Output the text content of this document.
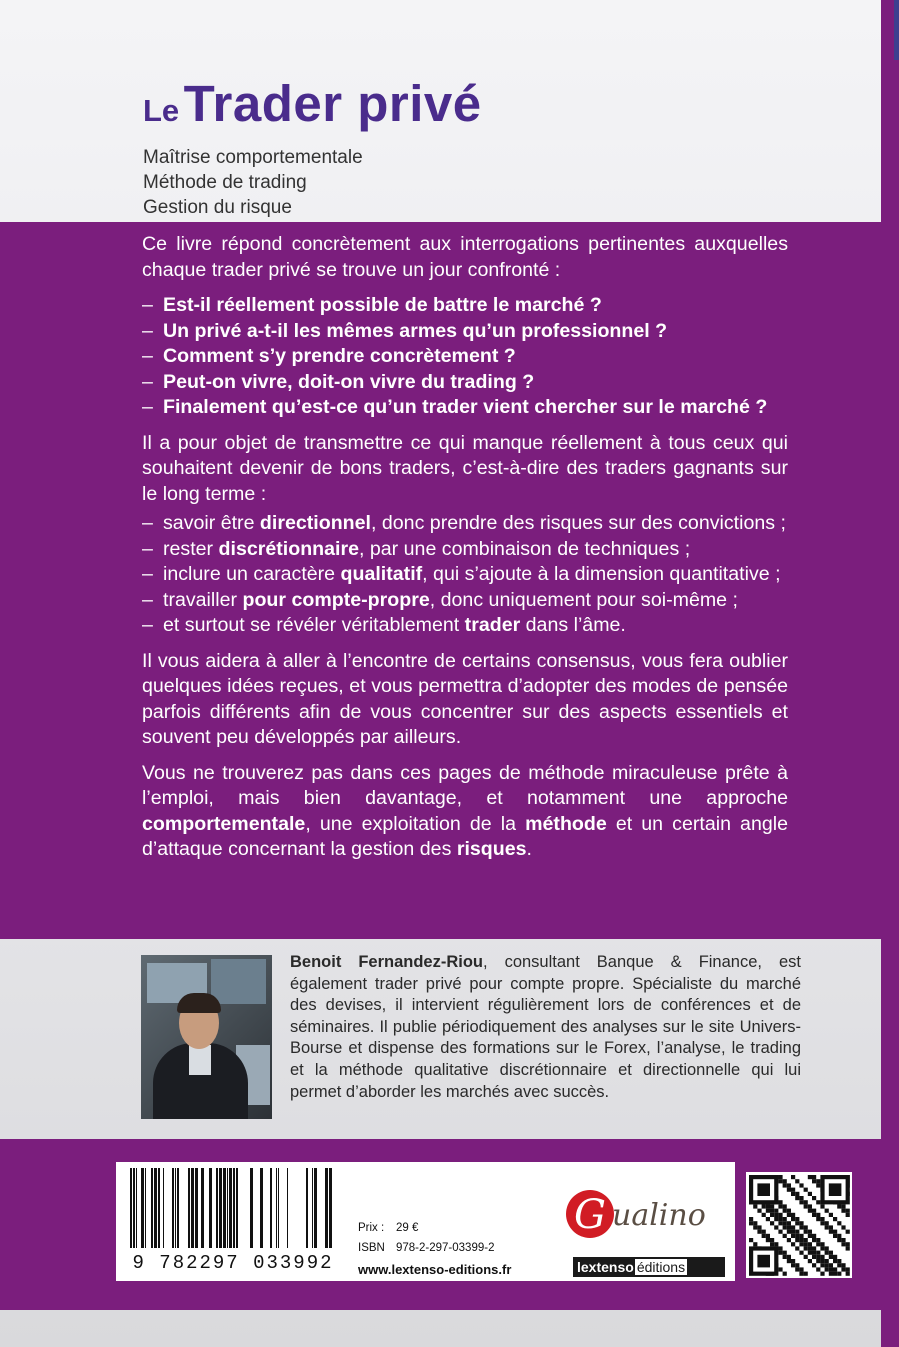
Le Trader privé
Maîtrise comportementale
Méthode de trading
Gestion du risque

Ce livre répond concrètement aux interrogations pertinentes auxquelles chaque trader privé se trouve un jour confronté :

– Est-il réellement possible de battre le marché ?
– Un privé a-t-il les mêmes armes qu’un professionnel ?
– Comment s’y prendre concrètement ?
– Peut-on vivre, doit-on vivre du trading ?
– Finalement qu’est-ce qu’un trader vient chercher sur le marché ?

Il a pour objet de transmettre ce qui manque réellement à tous ceux qui souhaitent devenir de bons traders, c’est-à-dire des traders gagnants sur le long terme :

– savoir être directionnel, donc prendre des risques sur des convictions ;
– rester discrétionnaire, par une combinaison de techniques ;
– inclure un caractère qualitatif, qui s’ajoute à la dimension quantitative ;
– travailler pour compte-propre, donc uniquement pour soi-même ;
– et surtout se révéler véritablement trader dans l’âme.

Il vous aidera à aller à l’encontre de certains consensus, vous fera oublier quelques idées reçues, et vous permettra d’adopter des modes de pensée parfois différents afin de vous concentrer sur des aspects essentiels et souvent peu développés par ailleurs.

Vous ne trouverez pas dans ces pages de méthode miraculeuse prête à l’emploi, mais bien davantage, et notamment une approche comportementale, une exploitation de la méthode et un certain angle d’attaque concernant la gestion des risques.

Benoit Fernandez-Riou, consultant Banque & Finance, est également trader privé pour compte propre. Spécialiste du marché des devises, il intervient régulièrement lors de conférences et de séminaires. Il publie périodiquement des analyses sur le site Univers-Bourse et dispense des formations sur le Forex, l’analyse, le trading et la méthode qualitative discrétionnaire et directionnelle qui lui permet d’aborder les marchés avec succès.
9 782297 033992
Prix : 29 €
ISBN 978-2-297-03399-2
www.lextenso-editions.fr
G ualino
lextenso éditions
